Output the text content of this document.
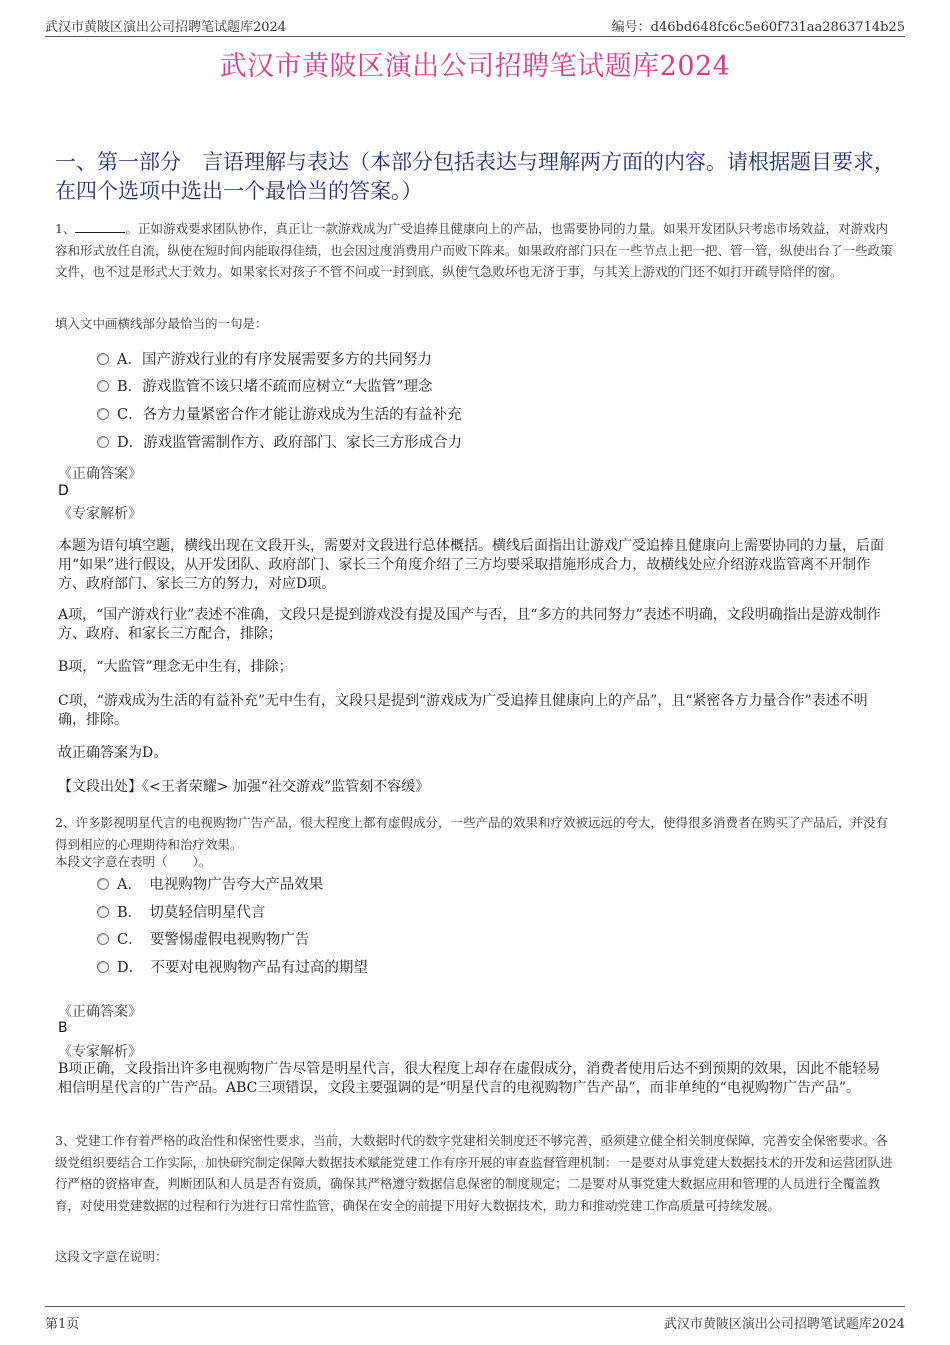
武汉市黄陂区演出公司招聘笔试题库2024	编号：d46bd648fc6c5e60f731aa2863714b25
武汉市黄陂区演出公司招聘笔试题库2024
一、第一部分　言语理解与表达（本部分包括表达与理解两方面的内容。请根据题目要求，在四个选项中选出一个最恰当的答案。）
1、	。正如游戏要求团队协作，真正让一款游戏成为广受追捧且健康向上的产品，也需要协同的力量。如果开发团队只考虑市场效益，对游戏内容和形式放任自流，纵使在短时间内能取得佳绩，也会因过度消费用户而败下阵来。如果政府部门只在一些节点上把一把、管一管，纵使出台了一些政策文件，也不过是形式大于效力。如果家长对孩子不管不问或一封到底，纵使气急败坏也无济于事，与其关上游戏的门还不如打开疏导陪伴的窗。
填入文中画横线部分最恰当的一句是：
A．国产游戏行业的有序发展需要多方的共同努力
B．游戏监管不该只堵不疏而应树立“大监管”理念
C．各方力量紧密合作才能让游戏成为生活的有益补充
D．游戏监管需制作方、政府部门、家长三方形成合力
《正确答案》
D
《专家解析》
本题为语句填空题，横线出现在文段开头，需要对文段进行总体概括。横线后面指出让游戏广受追捧且健康向上需要协同的力量，后面用“如果”进行假设，从开发团队、政府部门、家长三个角度介绍了三方均要采取措施形成合力，故横线处应介绍游戏监管离不开制作方、政府部门、家长三方的努力，对应D项。
A项，“国产游戏行业”表述不准确，文段只是提到游戏没有提及国产与否，且“多方的共同努力”表述不明确，文段明确指出是游戏制作方、政府、和家长三方配合，排除；
B项，“大监管”理念无中生有，排除；
C项，“游戏成为生活的有益补充”无中生有，文段只是提到“游戏成为广受追捧且健康向上的产品”，且“紧密各方力量合作”表述不明确，排除。
故正确答案为D。
【文段出处】《<王者荣耀> 加强“社交游戏”监管刻不容缓》
2、许多影视明星代言的电视购物广告产品，很大程度上都有虚假成分，一些产品的效果和疗效被远远的夸大，使得很多消费者在购买了产品后，并没有得到相应的心理期待和治疗效果。
本段文字意在表明（　　）。
A．　电视购物广告夸大产品效果
B．　切莫轻信明星代言
C．　要警惕虚假电视购物广告
D．　不要对电视购物产品有过高的期望
《正确答案》
B
《专家解析》
B项正确，文段指出许多电视购物广告尽管是明星代言，很大程度上却存在虚假成分，消费者使用后达不到预期的效果，因此不能轻易相信明星代言的广告产品。ABC三项错误，文段主要强调的是“明星代言的电视购物广告产品”，而非单纯的“电视购物广告产品”。
3、党建工作有着严格的政治性和保密性要求，当前，大数据时代的数字党建相关制度还不够完善，亟须建立健全相关制度保障，完善安全保密要求。各级党组织要结合工作实际，加快研究制定保障大数据技术赋能党建工作有序开展的审查监督管理机制：一是要对从事党建大数据技术的开发和运营团队进行严格的资格审查，判断团队和人员是否有资质，确保其严格遵守数据信息保密的制度规定；二是要对从事党建大数据应用和管理的人员进行全覆盖教育，对使用党建数据的过程和行为进行日常性监管，确保在安全的前提下用好大数据技术，助力和推动党建工作高质量可持续发展。
这段文字意在说明：
第1页	武汉市黄陂区演出公司招聘笔试题库2024
